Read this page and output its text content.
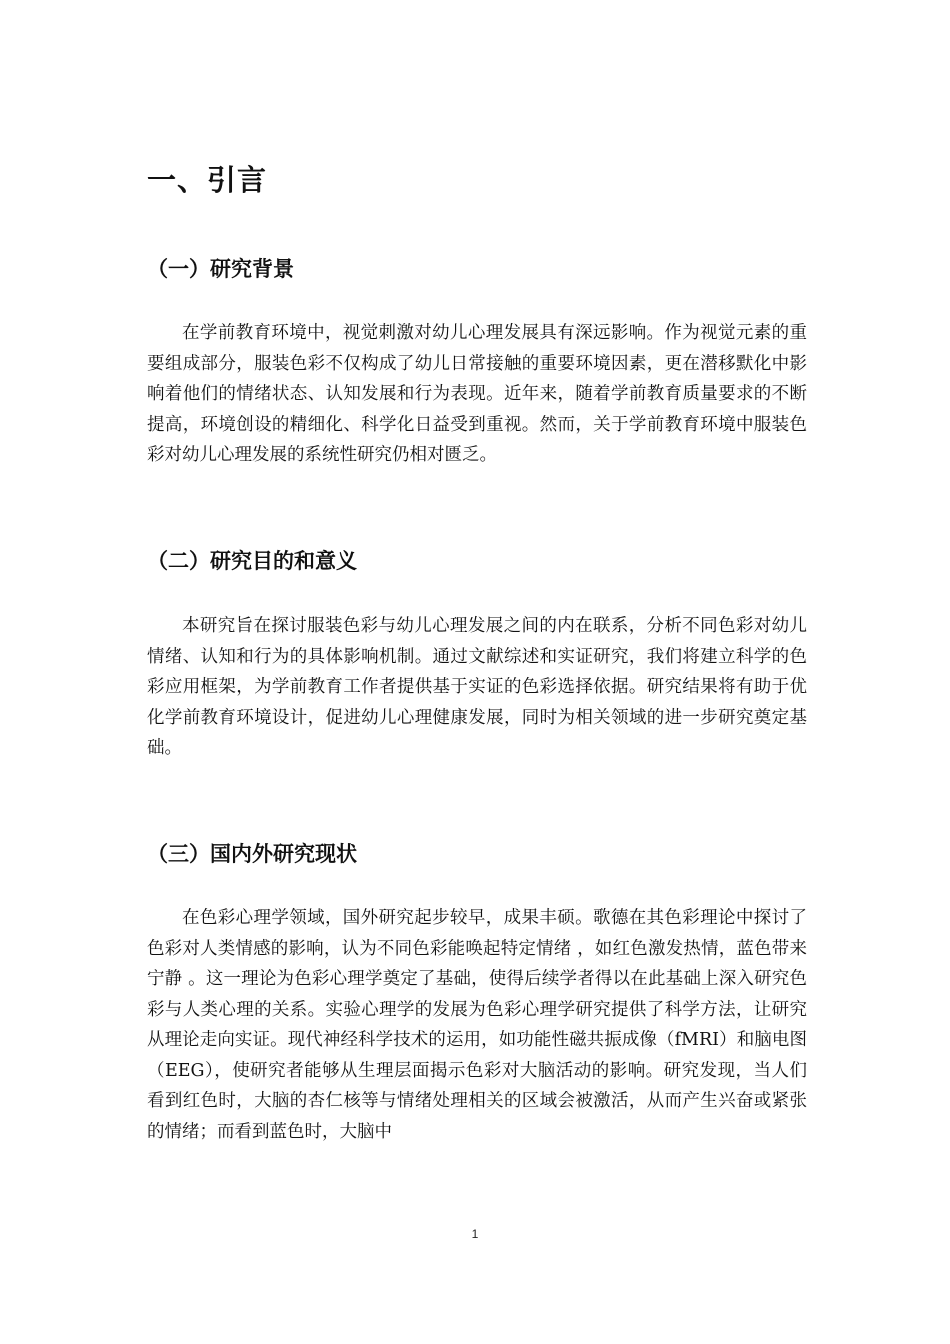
一、引言
（一）研究背景

在学前教育环境中，视觉刺激对幼儿心理发展具有深远影响。作为视觉元素的重要组成部分，服装色彩不仅构成了幼儿日常接触的重要环境因素，更在潜移默化中影响着他们的情绪状态、认知发展和行为表现。近年来，随着学前教育质量要求的不断提高，环境创设的精细化、科学化日益受到重视。然而，关于学前教育环境中服装色彩对幼儿心理发展的系统性研究仍相对匮乏。

（二）研究目的和意义

本研究旨在探讨服装色彩与幼儿心理发展之间的内在联系，分析不同色彩对幼儿情绪、认知和行为的具体影响机制。通过文献综述和实证研究，我们将建立科学的色彩应用框架，为学前教育工作者提供基于实证的色彩选择依据。研究结果将有助于优化学前教育环境设计，促进幼儿心理健康发展，同时为相关领域的进一步研究奠定基础。

（三）国内外研究现状

在色彩心理学领域，国外研究起步较早，成果丰硕。歌德在其色彩理论中探讨了色彩对人类情感的影响，认为不同色彩能唤起特定情绪 ，如红色激发热情，蓝色带来宁静 。这一理论为色彩心理学奠定了基础，使得后续学者得以在此基础上深入研究色彩与人类心理的关系。实验心理学的发展为色彩心理学研究提供了科学方法，让研究从理论走向实证。现代神经科学技术的运用，如功能性磁共振成像（fMRI）和脑电图（EEG），使研究者能够从生理层面揭示色彩对大脑活动的影响。研究发现，当人们看到红色时，大脑的杏仁核等与情绪处理相关的区域会被激活，从而产生兴奋或紧张的情绪；而看到蓝色时，大脑中

1
